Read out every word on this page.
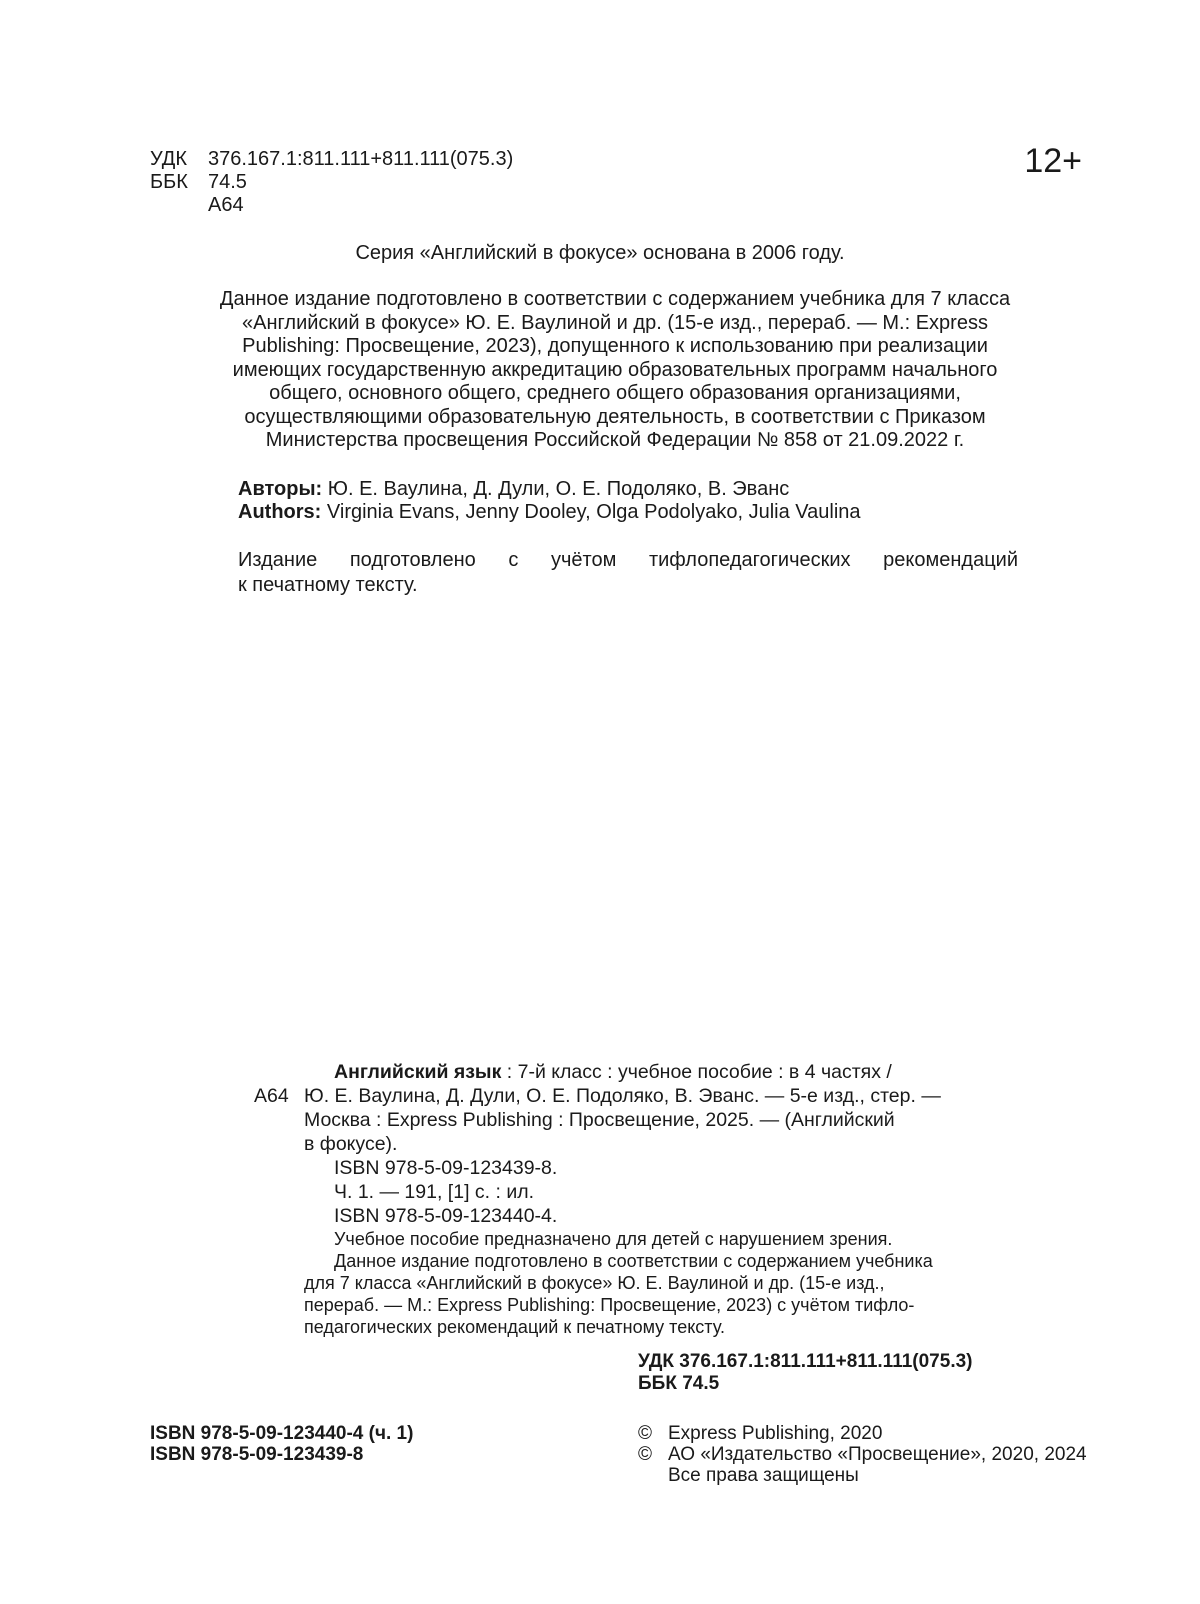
УДК	376.167.1:811.111+811.111(075.3)
ББК	74.5
А64
12+
Серия «Английский в фокусе» основана в 2006 году.
Данное издание подготовлено в соответствии с содержанием учебника для 7 класса
«Английский в фокусе» Ю. Е. Ваулиной и др. (15-е изд., перераб. — М.: Express
Publishing: Просвещение, 2023), допущенного к использованию при реализации
имеющих государственную аккредитацию образовательных программ начального
общего, основного общего, среднего общего образования организациями,
осуществляющими образовательную деятельность, в соответствии с Приказом
Министерства просвещения Российской Федерации № 858 от 21.09.2022 г.
Авторы: Ю. Е. Ваулина, Д. Дули, О. Е. Подоляко, В. Эванс
Authors: Virginia Evans, Jenny Dooley, Olga Podolyako, Julia Vaulina
Издание подготовлено с учётом тифлопедагогических рекомендаций
к печатному тексту.
Английский язык : 7-й класс : учебное пособие : в 4 частях /
А64 Ю. Е. Ваулина, Д. Дули, О. Е. Подоляко, В. Эванс. — 5-е изд., стер. —
Москва : Express Publishing : Просвещение, 2025. — (Английский
в фокусе).
ISBN 978-5-09-123439-8.
Ч. 1. — 191, [1] с. : ил.
ISBN 978-5-09-123440-4.
Учебное пособие предназначено для детей с нарушением зрения.
Данное издание подготовлено в соответствии с содержанием учебника
для 7 класса «Английский в фокусе» Ю. Е. Ваулиной и др. (15-е изд.,
перераб. — М.: Express Publishing: Просвещение, 2023) с учётом тифло-
педагогических рекомендаций к печатному тексту.
УДК 376.167.1:811.111+811.111(075.3)
ББК 74.5
ISBN 978-5-09-123440-4 (ч. 1)
ISBN 978-5-09-123439-8
© Express Publishing, 2020
© АО «Издательство «Просвещение», 2020, 2024
Все права защищены
